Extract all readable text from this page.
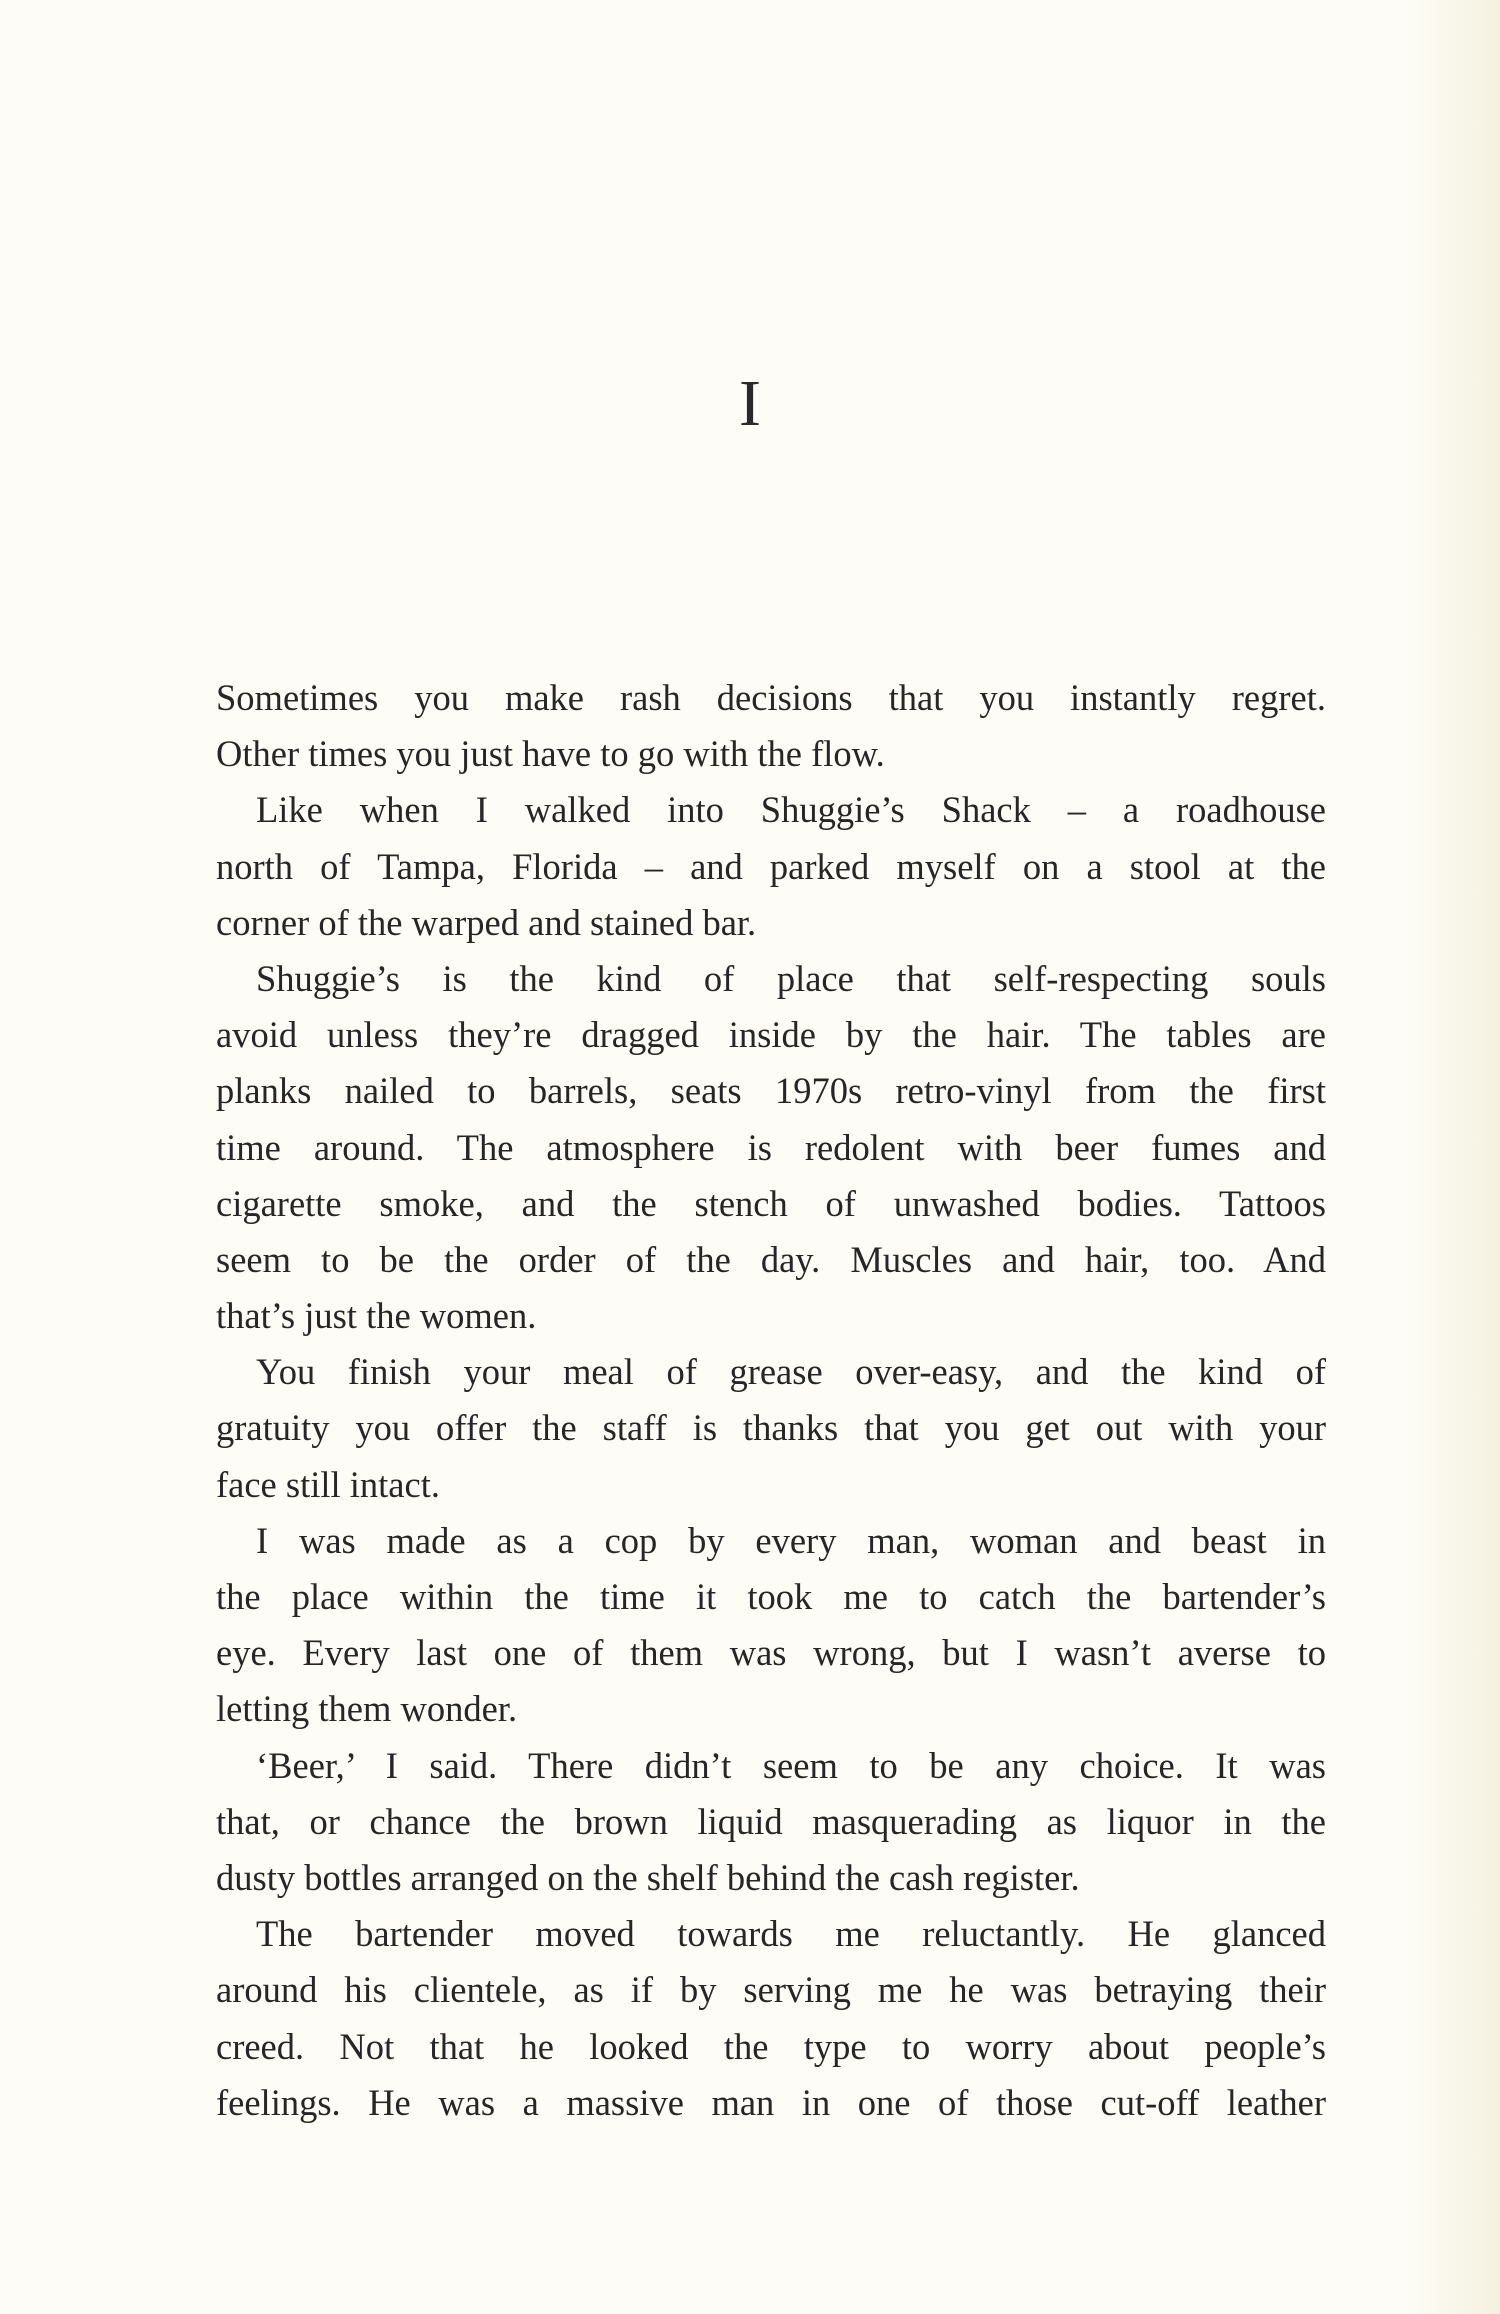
I
Sometimes you make rash decisions that you instantly regret.
Other times you just have to go with the flow.
Like when I walked into Shuggie’s Shack – a roadhouse
north of Tampa, Florida – and parked myself on a stool at the
corner of the warped and stained bar.
Shuggie’s is the kind of place that self-respecting souls
avoid unless they’re dragged inside by the hair. The tables are
planks nailed to barrels, seats 1970s retro-vinyl from the first
time around. The atmosphere is redolent with beer fumes and
cigarette smoke, and the stench of unwashed bodies. Tattoos
seem to be the order of the day. Muscles and hair, too. And
that’s just the women.
You finish your meal of grease over-easy, and the kind of
gratuity you offer the staff is thanks that you get out with your
face still intact.
I was made as a cop by every man, woman and beast in
the place within the time it took me to catch the bartender’s
eye. Every last one of them was wrong, but I wasn’t averse to
letting them wonder.
‘Beer,’ I said. There didn’t seem to be any choice. It was
that, or chance the brown liquid masquerading as liquor in the
dusty bottles arranged on the shelf behind the cash register.
The bartender moved towards me reluctantly. He glanced
around his clientele, as if by serving me he was betraying their
creed. Not that he looked the type to worry about people’s
feelings. He was a massive man in one of those cut-off leather
